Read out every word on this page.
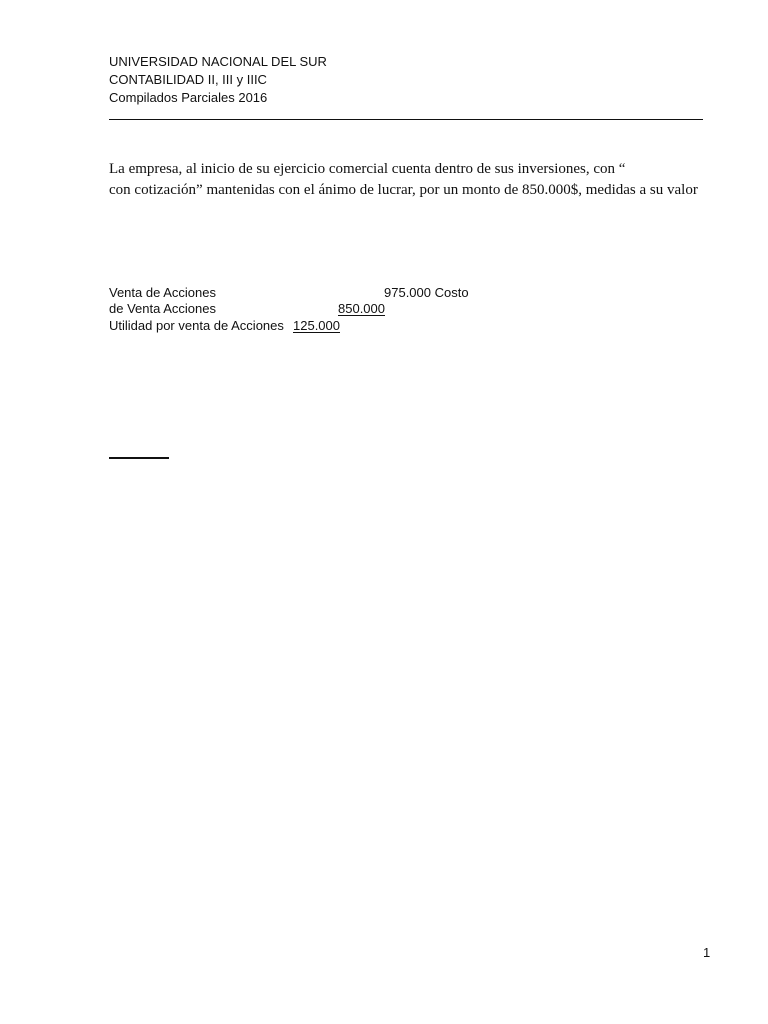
UNIVERSIDAD NACIONAL DEL SUR
CONTABILIDAD II, III y IIIC
Compilados Parciales 2016
La empresa, al inicio de su ejercicio comercial cuenta dentro de sus inversiones, con “
con cotización” mantenidas con el ánimo de lucrar, por un monto de 850.000$, medidas a su valor
Venta de Acciones	975.000 Costo
de Venta Acciones	850.000
Utilidad por venta de Acciones 125.000
1
